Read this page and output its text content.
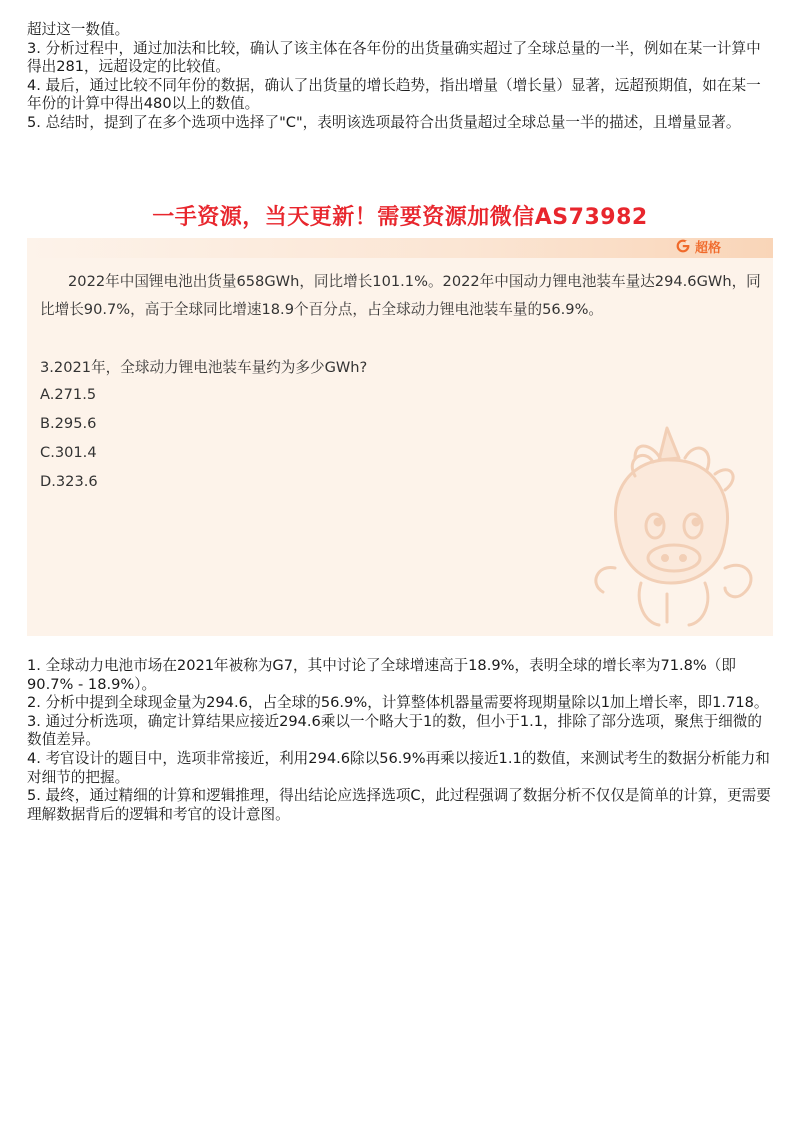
超过这一数值。

3. 分析过程中，通过加法和比较，确认了该主体在各年份的出货量确实超过了全球总量的一半，例如在某一计算中得出281，远超设定的比较值。

4. 最后，通过比较不同年份的数据，确认了出货量的增长趋势，指出增量（增长量）显著，远超预期值，如在某一年份的计算中得出480以上的数值。

5. 总结时，提到了在多个选项中选择了"C"，表明该选项最符合出货量超过全球总量一半的描述，且增量显著。

一手资源，当天更新！需要资源加微信AS73982
超格

2022年中国锂电池出货量658GWh，同比增长101.1%。2022年中国动力锂电池装车量达294.6GWh，同比增长90.7%，高于全球同比增速18.9个百分点，占全球动力锂电池装车量的56.9%。

3.2021年，全球动力锂电池装车量约为多少GWh?
A.271.5
B.295.6
C.301.4
D.323.6

1. 全球动力电池市场在2021年被称为G7，其中讨论了全球增速高于18.9%，表明全球的增长率为71.8%（即90.7% - 18.9%）。

2. 分析中提到全球现金量为294.6，占全球的56.9%，计算整体机器量需要将现期量除以1加上增长率，即1.718。

3. 通过分析选项，确定计算结果应接近294.6乘以一个略大于1的数，但小于1.1，排除了部分选项，聚焦于细微的数值差异。

4. 考官设计的题目中，选项非常接近，利用294.6除以56.9%再乘以接近1.1的数值，来测试考生的数据分析能力和对细节的把握。

5. 最终，通过精细的计算和逻辑推理，得出结论应选择选项C，此过程强调了数据分析不仅仅是简单的计算，更需要理解数据背后的逻辑和考官的设计意图。
